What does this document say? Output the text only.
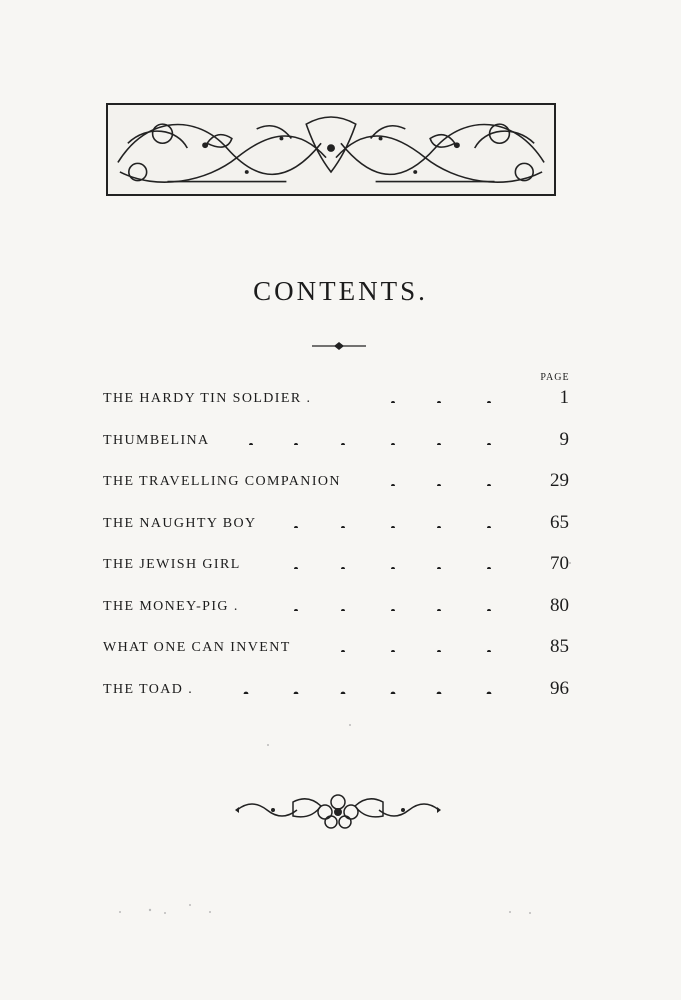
CONTENTS.
PAGE
THE HARDY TIN SOLDIER .	1
THUMBELINA	9
THE TRAVELLING COMPANION	29
THE NAUGHTY BOY	65
THE JEWISH GIRL	70
THE MONEY-PIG .	80
WHAT ONE CAN INVENT	85
THE TOAD .	96
